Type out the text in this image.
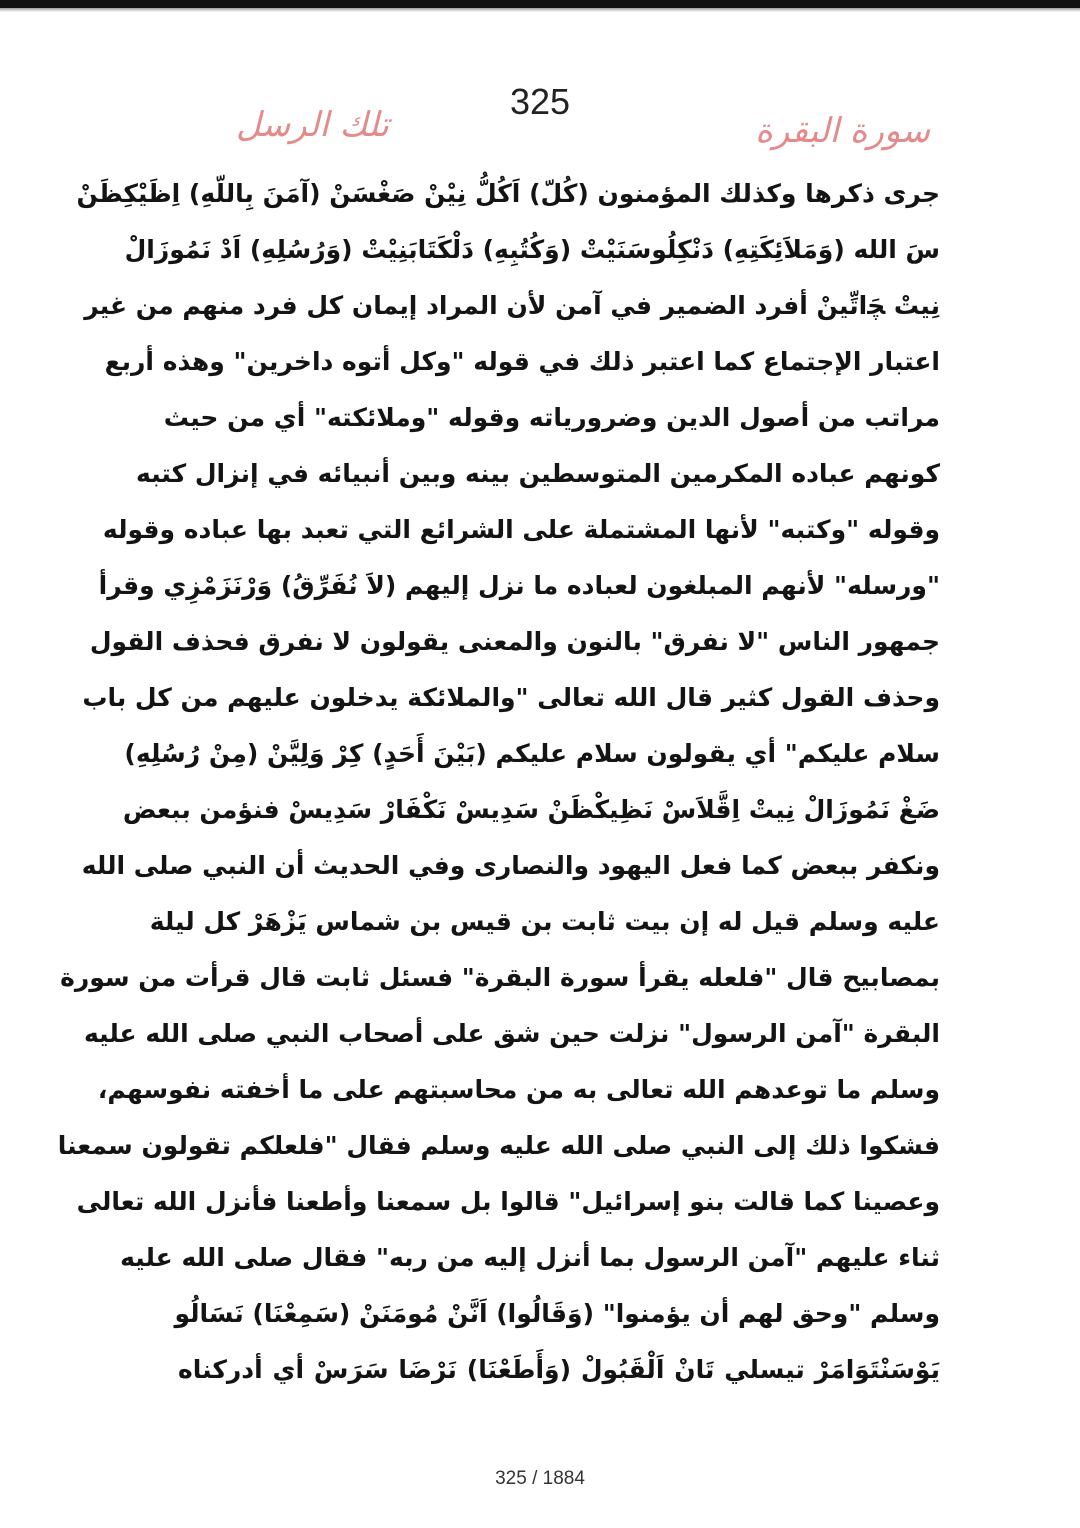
325
تلك الرسل	سورة البقرة
جرى ذكرها وكذلك المؤمنون (كُلّ) اَكُلُّ نِيْنْ صَغْسَنْ (آمَنَ بِاللّهِ) اِظَيْكِظَنْ
سَ الله (وَمَلاَئِكَتِهِ) دَنْكِلُوسَنَيْتْ (وَكُتُبِهِ) دَلْكَتَابَنِيْتْ (وَرُسُلِهِ) اَدْ نَمُوزَالْ
نِيتْ ﭽَاتِّينْ أفرد الضمير في آمن لأن المراد إيمان كل فرد منهم من غير
اعتبار الإجتماع كما اعتبر ذلك في قوله "وكل أتوه داخرين" وهذه أربع
مراتب من أصول الدين وضرورياته وقوله "وملائكته" أي من حيث
كونهم عباده المكرمين المتوسطين بينه وبين أنبيائه في إنزال كتبه
وقوله "وكتبه" لأنها المشتملة على الشرائع التي تعبد بها عباده وقوله
"ورسله" لأنهم المبلغون لعباده ما نزل إليهم (لاَ نُفَرِّقُ) وَرْنَزَمْزِي وقرأ
جمهور الناس "لا نفرق" بالنون والمعنى يقولون لا نفرق فحذف القول
وحذف القول كثير قال الله تعالى "والملائكة يدخلون عليهم من كل باب
سلام عليكم" أي يقولون سلام عليكم (بَيْنَ أَحَدٍ) كِرْ وَلِيَّنْ (مِنْ رُسُلِهِ)
ضَغْ نَمُوزَالْ نِيتْ اِقَّلاَسْ نَظِيكْظَنْ سَدِيسْ نَكْفَارْ سَدِيسْ فنؤمن ببعض
ونكفر ببعض كما فعل اليهود والنصارى وفي الحديث أن النبي صلى الله
عليه وسلم قيل له إن بيت ثابت بن قيس بن شماس يَزْهَرْ كل ليلة
بمصابيح قال "فلعله يقرأ سورة البقرة" فسئل ثابت قال قرأت من سورة
البقرة "آمن الرسول" نزلت حين شق على أصحاب النبي صلى الله عليه
وسلم ما توعدهم الله تعالى به من محاسبتهم على ما أخفته نفوسهم،
فشكوا ذلك إلى النبي صلى الله عليه وسلم فقال "فلعلكم تقولون سمعنا
وعصينا كما قالت بنو إسرائيل" قالوا بل سمعنا وأطعنا فأنزل الله تعالى
ثناء عليهم "آمن الرسول بما أنزل إليه من ربه" فقال صلى الله عليه
وسلم "وحق لهم أن يؤمنوا" (وَقَالُوا) اَنَّنْ مُومَنَنْ (سَمِعْنَا) نَسَالُو
يَوْسَنْتَوَامَرْ تيسلي تَانْ اَلْقَبُولْ (وَأَطَعْنَا) نَرْضَا سَرَسْ أي أدركناه
325 / 1884
